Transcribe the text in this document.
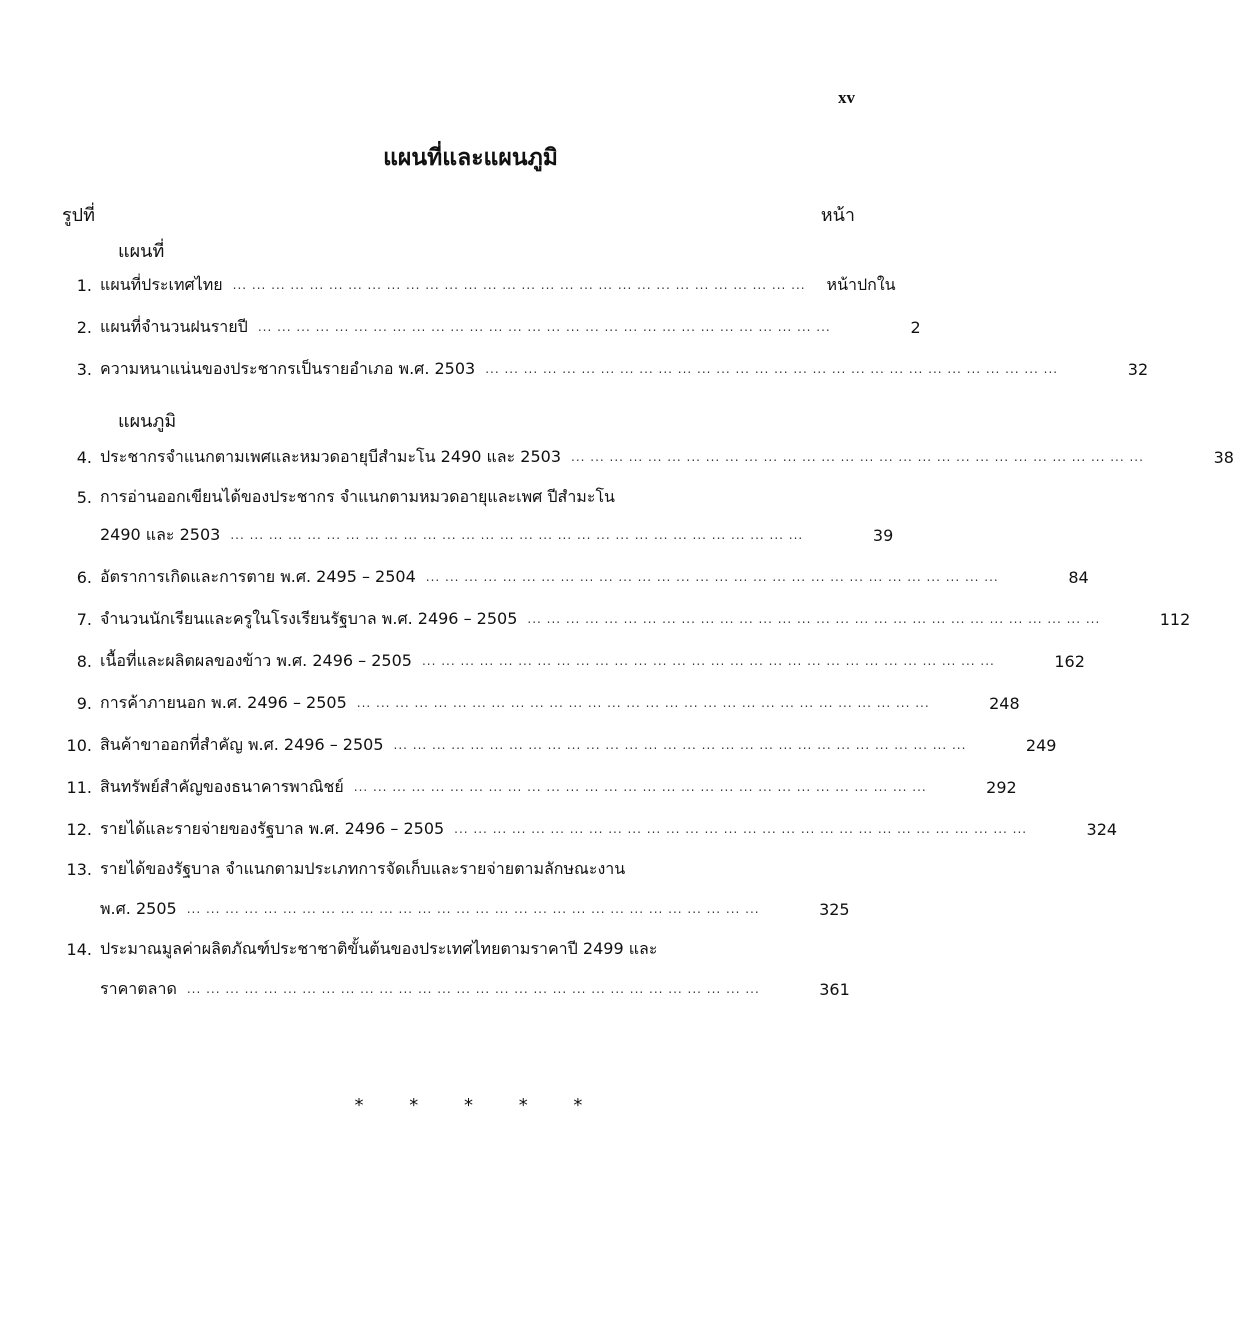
xv
แผนที่และแผนภูมิ
รูปที่	หน้า
แผนที่
1. แผนที่ประเทศไทย ... ... ... ... ... ... ... ... ... ... ... ... ... ... ... ... ... ... ... ... ... ... ... ... ... ... ... ... ... ...	หน้าปกใน
2. แผนที่จำนวนฝนรายปี ... ... ... ... ... ... ... ... ... ... ... ... ... ... ... ... ... ... ... ... ... ... ... ... ... ... ... ... ... ...	2
3. ความหนาแน่นของประชากรเป็นรายอำเภอ พ.ศ. 2503 ... ... ... ... ... ... ... ... ... ... ... ... ... ... ... ... ... ... ... ... ... ... ... ... ... ... ... ... ... ...	32
แผนภูมิ
4. ประชากรจำแนกตามเพศและหมวดอายุบีสำมะโน 2490 และ 2503 ... ... ... ... ... ... ... ... ... ... ... ... ... ... ... ... ... ... ... ... ... ... ... ... ... ... ... ... ... ...	38
5. การอ่านออกเขียนได้ของประชากร จำแนกตามหมวดอายุและเพศ ปีสำมะโน
2490 และ 2503 ... ... ... ... ... ... ... ... ... ... ... ... ... ... ... ... ... ... ... ... ... ... ... ... ... ... ... ... ... ...	39
6. อัตราการเกิดและการตาย พ.ศ. 2495 – 2504 ... ... ... ... ... ... ... ... ... ... ... ... ... ... ... ... ... ... ... ... ... ... ... ... ... ... ... ... ... ...	84
7. จำนวนนักเรียนและครูในโรงเรียนรัฐบาล พ.ศ. 2496 – 2505 ... ... ... ... ... ... ... ... ... ... ... ... ... ... ... ... ... ... ... ... ... ... ... ... ... ... ... ... ... ...	112
8. เนื้อที่และผลิตผลของข้าว พ.ศ. 2496 – 2505 ... ... ... ... ... ... ... ... ... ... ... ... ... ... ... ... ... ... ... ... ... ... ... ... ... ... ... ... ... ...	162
9. การค้าภายนอก พ.ศ. 2496 – 2505 ... ... ... ... ... ... ... ... ... ... ... ... ... ... ... ... ... ... ... ... ... ... ... ... ... ... ... ... ... ...	248
10. สินค้าขาออกที่สำคัญ พ.ศ. 2496 – 2505 ... ... ... ... ... ... ... ... ... ... ... ... ... ... ... ... ... ... ... ... ... ... ... ... ... ... ... ... ... ...	249
11. สินทรัพย์สำคัญของธนาคารพาณิชย์ ... ... ... ... ... ... ... ... ... ... ... ... ... ... ... ... ... ... ... ... ... ... ... ... ... ... ... ... ... ...	292
12. รายได้และรายจ่ายของรัฐบาล พ.ศ. 2496 – 2505 ... ... ... ... ... ... ... ... ... ... ... ... ... ... ... ... ... ... ... ... ... ... ... ... ... ... ... ... ... ...	324
13. รายได้ของรัฐบาล จำแนกตามประเภทการจัดเก็บและรายจ่ายตามลักษณะงาน
พ.ศ. 2505 ... ... ... ... ... ... ... ... ... ... ... ... ... ... ... ... ... ... ... ... ... ... ... ... ... ... ... ... ... ...	325
14. ประมาณมูลค่าผลิตภัณฑ์ประชาชาติขั้นต้นของประเทศไทยตามราคาปี 2499 และ
ราคาตลาด ... ... ... ... ... ... ... ... ... ... ... ... ... ... ... ... ... ... ... ... ... ... ... ... ... ... ... ... ... ...	361
* * * * *
